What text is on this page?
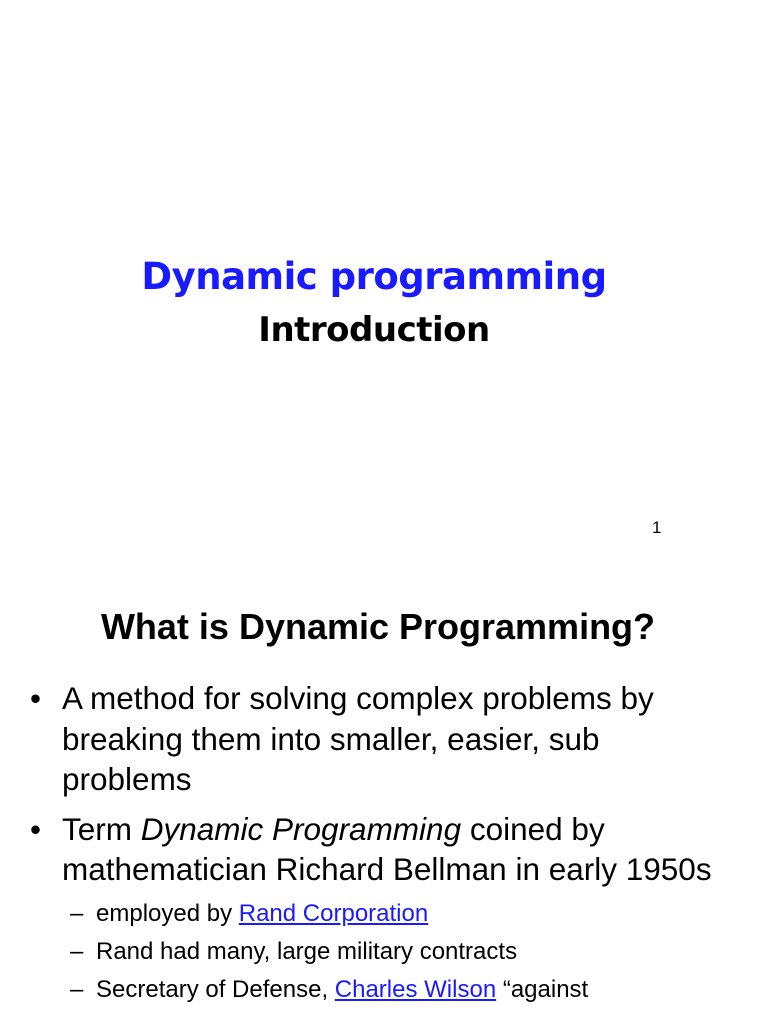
Dynamic programming
Introduction
1
What is Dynamic Programming?
• A method for solving complex problems by breaking them into smaller, easier, sub problems
• Term Dynamic Programming coined by mathematician Richard Bellman in early 1950s
– employed by Rand Corporation
– Rand had many, large military contracts
– Secretary of Defense, Charles Wilson “against
